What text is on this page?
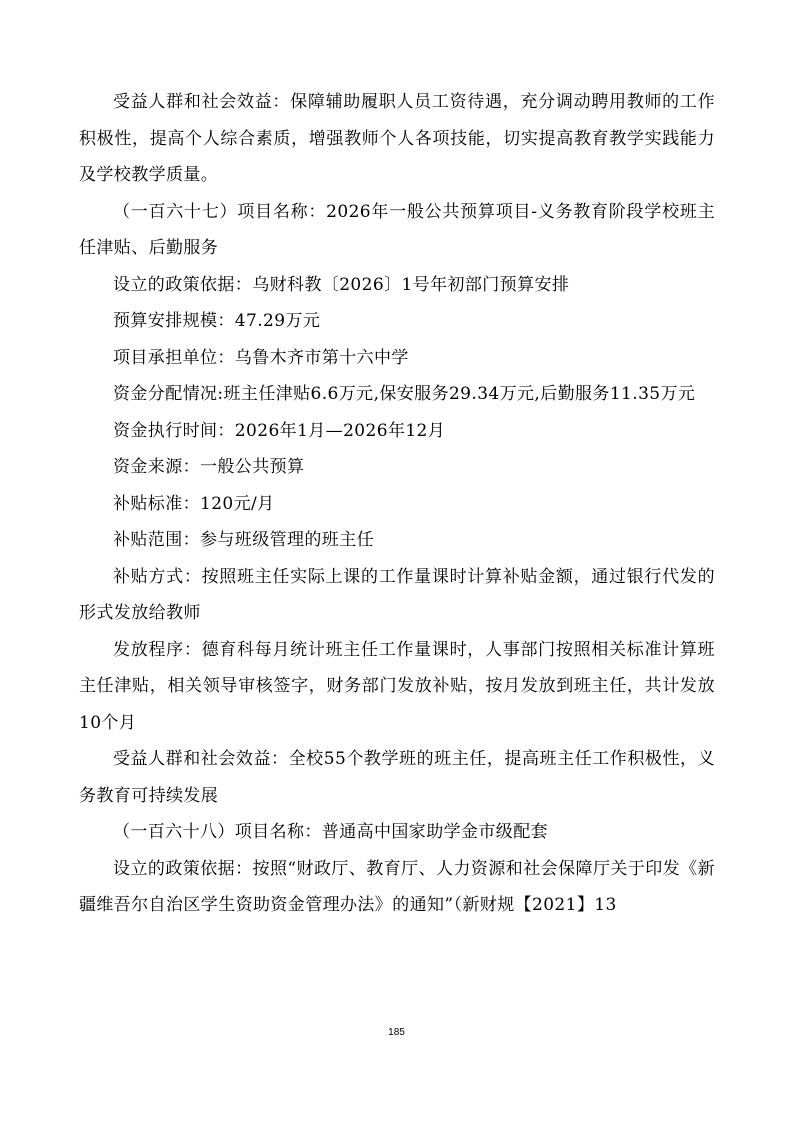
受益人群和社会效益：保障辅助履职人员工资待遇，充分调动聘用教师的工作积极性，提高个人综合素质，增强教师个人各项技能，切实提高教育教学实践能力及学校教学质量。

（一百六十七）项目名称：2026年一般公共预算项目-义务教育阶段学校班主任津贴、后勤服务

设立的政策依据：乌财科教〔2026〕1号年初部门预算安排

预算安排规模：47.29万元

项目承担单位：乌鲁木齐市第十六中学

资金分配情况:班主任津贴6.6万元,保安服务29.34万元,后勤服务11.35万元

资金执行时间：2026年1月—2026年12月

资金来源：一般公共预算

补贴标准：120元/月

补贴范围：参与班级管理的班主任

补贴方式：按照班主任实际上课的工作量课时计算补贴金额，通过银行代发的形式发放给教师

发放程序：德育科每月统计班主任工作量课时，人事部门按照相关标准计算班主任津贴，相关领导审核签字，财务部门发放补贴，按月发放到班主任，共计发放10个月

受益人群和社会效益：全校55个教学班的班主任，提高班主任工作积极性，义务教育可持续发展

（一百六十八）项目名称：普通高中国家助学金市级配套

设立的政策依据：按照“财政厅、教育厅、人力资源和社会保障厅关于印发《新疆维吾尔自治区学生资助资金管理办法》的通知”（新财规【2021】13

185
